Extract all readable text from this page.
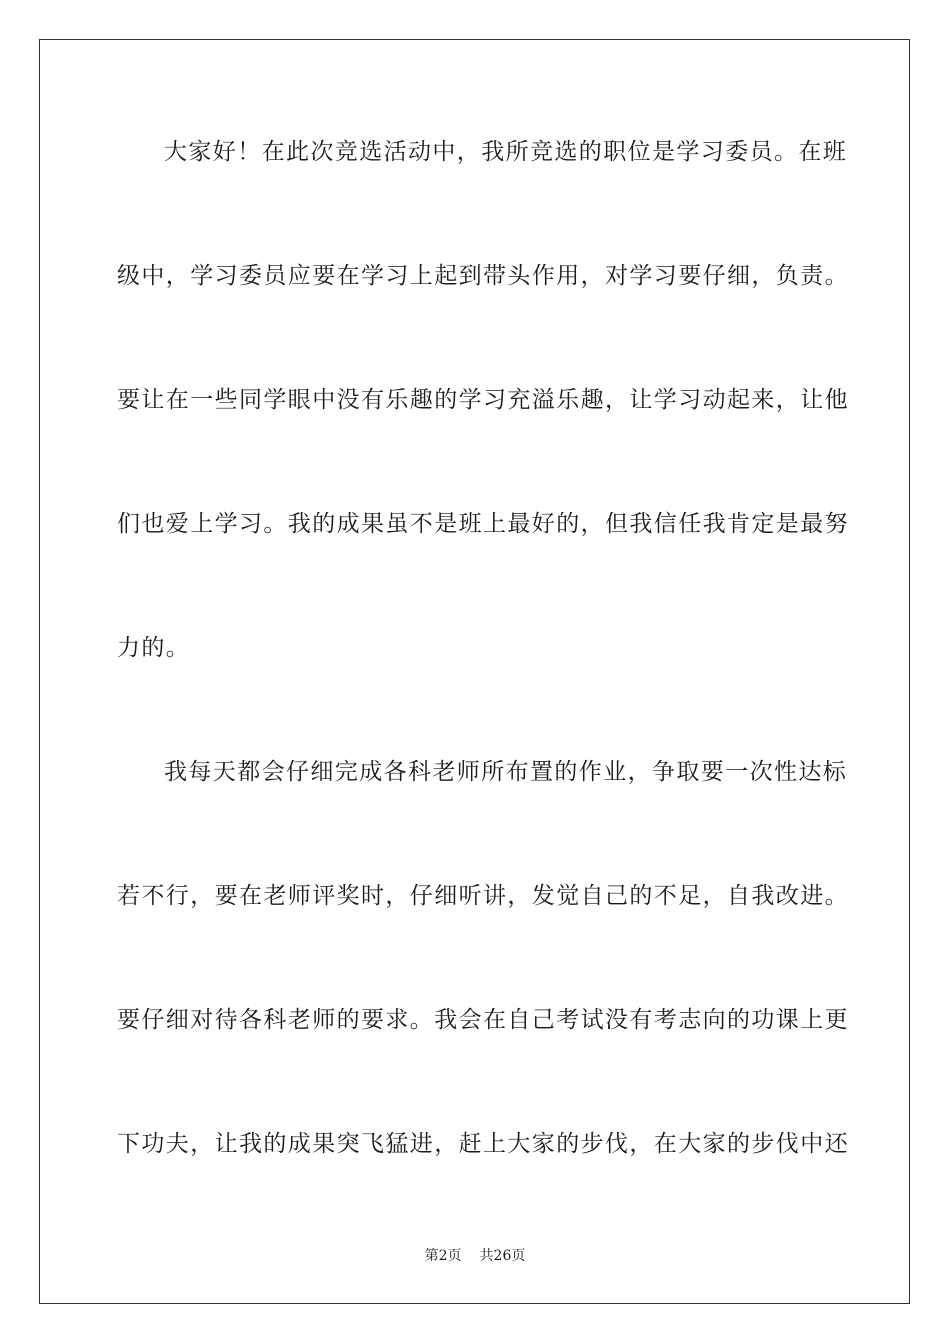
大家好！在此次竞选活动中，我所竞选的职位是学习委员。在班
级中，学习委员应要在学习上起到带头作用，对学习要仔细，负责。
要让在一些同学眼中没有乐趣的学习充溢乐趣，让学习动起来，让他
们也爱上学习。我的成果虽不是班上最好的，但我信任我肯定是最努
力的。
我每天都会仔细完成各科老师所布置的作业，争取要一次性达标
若不行，要在老师评奖时，仔细听讲，发觉自己的不足，自我改进。
要仔细对待各科老师的要求。我会在自己考试没有考志向的功课上更
下功夫，让我的成果突飞猛进，赶上大家的步伐，在大家的步伐中还
第2页 共26页
